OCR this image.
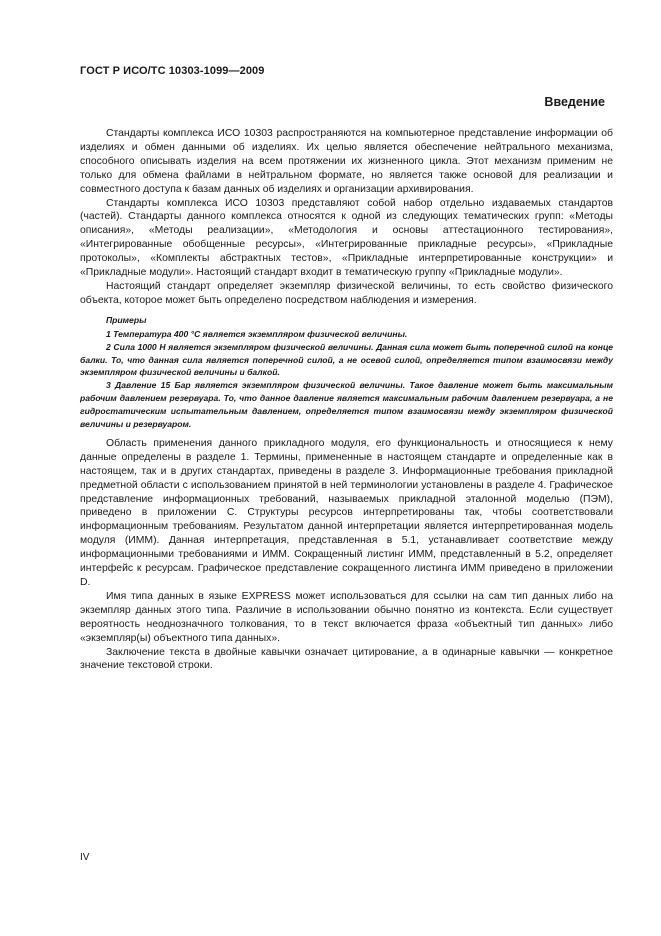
ГОСТ Р ИСО/ТС 10303-1099—2009
Введение

Стандарты комплекса ИСО 10303 распространяются на компьютерное представление информации об изделиях и обмен данными об изделиях. Их целью является обеспечение нейтрального механизма, способного описывать изделия на всем протяжении их жизненного цикла. Этот механизм применим не только для обмена файлами в нейтральном формате, но является также основой для реализации и совместного доступа к базам данных об изделиях и организации архивирования.

Стандарты комплекса ИСО 10303 представляют собой набор отдельно издаваемых стандартов (частей). Стандарты данного комплекса относятся к одной из следующих тематических групп: «Методы описания», «Методы реализации», «Методология и основы аттестационного тестирования», «Интегрированные обобщенные ресурсы», «Интегрированные прикладные ресурсы», «Прикладные протоколы», «Комплекты абстрактных тестов», «Прикладные интерпретированные конструкции» и «Прикладные модули». Настоящий стандарт входит в тематическую группу «Прикладные модули».

Настоящий стандарт определяет экземпляр физической величины, то есть свойство физического объекта, которое может быть определено посредством наблюдения и измерения.

Примеры

1 Температура 400 °С является экземпляром физической величины.

2 Сила 1000 Н является экземпляром физической величины. Данная сила может быть поперечной силой на конце балки. То, что данная сила является поперечной силой, а не осевой силой, определяется типом взаимосвязи между экземпляром физической величины и балкой.

3 Давление 15 Бар является экземпляром физической величины. Такое давление может быть максимальным рабочим давлением резервуара. То, что данное давление является максимальным рабочим давлением резервуара, а не гидростатическим испытательным давлением, определяется типом взаимосвязи между экземпляром физической величины и резервуаром.

Область применения данного прикладного модуля, его функциональность и относящиеся к нему данные определены в разделе 1. Термины, примененные в настоящем стандарте и определенные как в настоящем, так и в других стандартах, приведены в разделе 3. Информационные требования прикладной предметной области с использованием принятой в ней терминологии установлены в разделе 4. Графическое представление информационных требований, называемых прикладной эталонной моделью (ПЭМ), приведено в приложении С. Структуры ресурсов интерпретированы так, чтобы соответствовали информационным требованиям. Результатом данной интерпретации является интерпретированная модель модуля (ИММ). Данная интерпретация, представленная в 5.1, устанавливает соответствие между информационными требованиями и ИММ. Сокращенный листинг ИММ, представленный в 5.2, определяет интерфейс к ресурсам. Графическое представление сокращенного листинга ИММ приведено в приложении D.

Имя типа данных в языке EXPRESS может использоваться для ссылки на сам тип данных либо на экземпляр данных этого типа. Различие в использовании обычно понятно из контекста. Если существует вероятность неоднозначного толкования, то в текст включается фраза «объектный тип данных» либо «экземпляр(ы) объектного типа данных».

Заключение текста в двойные кавычки означает цитирование, а в одинарные кавычки — конкретное значение текстовой строки.

IV
